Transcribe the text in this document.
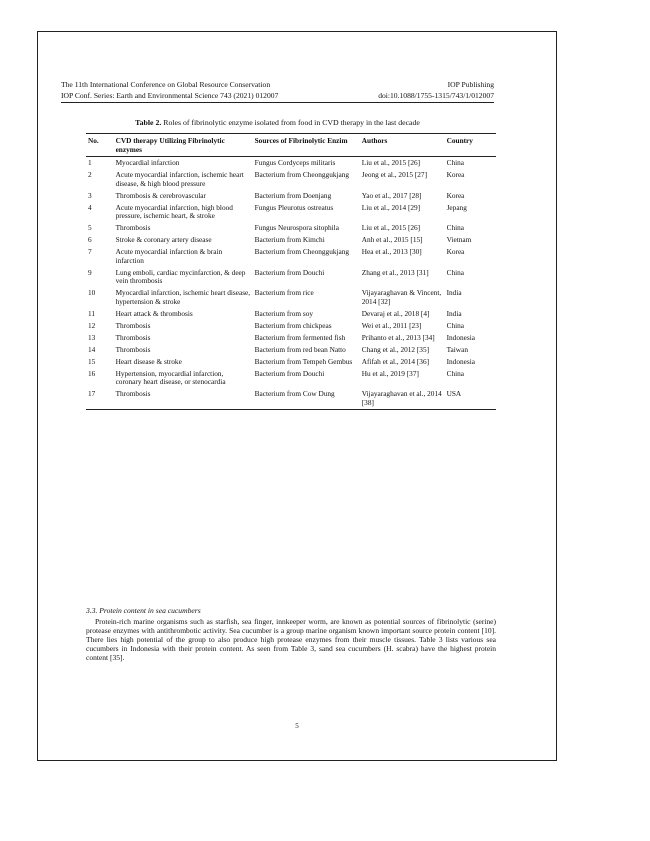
The 11th International Conference on Global Resource Conservation	IOP Publishing
IOP Conf. Series: Earth and Environmental Science 743 (2021) 012007	doi:10.1088/1755-1315/743/1/012007
Table 2. Roles of fibrinolytic enzyme isolated from food in CVD therapy in the last decade
No.	CVD therapy Utilizing Fibrinolytic enzymes	Sources of Fibrinolytic Enzim	Authors	Country
1	Myocardial infarction	Fungus Cordyceps militaris	Liu et al., 2015 [26]	China
2	Acute myocardial infarction, ischemic heart disease, & high blood pressure	Bacterium from Cheonggukjang	Jeong et al., 2015 [27]	Korea
3	Thrombosis & cerebrovascular	Bacterium from Doenjang	Yao et al., 2017 [28]	Korea
4	Acute myocardial infarction, high blood pressure, ischemic heart, & stroke	Fungus Pleurotus ostreatus	Liu et al., 2014 [29]	Jepang
5	Thrombosis	Fungus Neurospora sitophila	Liu et al., 2015 [26]	China
6	Stroke & coronary artery disease	Bacterium from Kimchi	Anh et al., 2015 [15]	Vietnam
7	Acute myocardial infarction & brain infarction	Bacterium from Cheonggukjang	Hea et al., 2013 [30]	Korea
9	Lung emboli, cardiac mycinfarction, & deep vein thrombosis	Bacterium from Douchi	Zhang et al., 2013 [31]	China
10	Myocardial infarction, ischemic heart disease, hypertension & stroke	Bacterium from rice	Vijayaraghavan & Vincent, 2014 [32]	India
11	Heart attack & thrombosis	Bacterium from soy	Devaraj et al., 2018 [4]	India
12	Thrombosis	Bacterium from chickpeas	Wei et al., 2011 [23]	China
13	Thrombosis	Bacterium from fermented fish	Prihanto et al., 2013 [34]	Indonesia
14	Thrombosis	Bacterium from red bean Natto	Chang et al., 2012 [35]	Taiwan
15	Heart disease & stroke	Bacterium from Tempeh Gembus	Afifah et al., 2014 [36]	Indonesia
16	Hypertension, myocardial infarction, coronary heart disease, or stenocardia	Bacterium from Douchi	Hu et al., 2019 [37]	China
17	Thrombosis	Bacterium from Cow Dung	Vijayaraghavan et al., 2014 [38]	USA
3.3. Protein content in sea cucumbers

Protein-rich marine organisms such as starfish, sea finger, innkeeper worm, are known as potential sources of fibrinolytic (serine) protease enzymes with antithrombotic activity. Sea cucumber is a group marine organism known important source protein content [10]. There lies high potential of the group to also produce high protease enzymes from their muscle tissues. Table 3 lists various sea cucumbers in Indonesia with their protein content. As seen from Table 3, sand sea cucumbers (H. scabra) have the highest protein content [35].

5
